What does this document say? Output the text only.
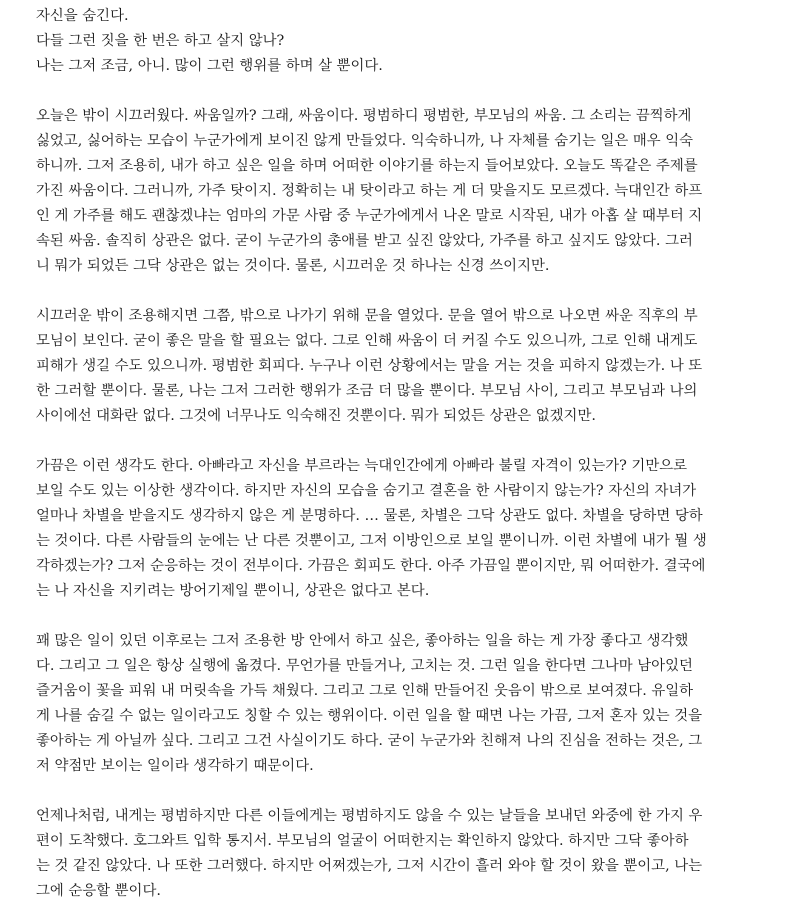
자신을 숨긴다.
다들 그런 짓을 한 번은 하고 살지 않나?
나는 그저 조금, 아니. 많이 그런 행위를 하며 살 뿐이다.

오늘은 밖이 시끄러웠다. 싸움일까? 그래, 싸움이다. 평범하디 평범한, 부모님의 싸움. 그 소리는 끔찍하게
싫었고, 싫어하는 모습이 누군가에게 보이진 않게 만들었다. 익숙하니까, 나 자체를 숨기는 일은 매우 익숙
하니까. 그저 조용히, 내가 하고 싶은 일을 하며 어떠한 이야기를 하는지 들어보았다. 오늘도 똑같은 주제를
가진 싸움이다. 그러니까, 가주 탓이지. 정확히는 내 탓이라고 하는 게 더 맞을지도 모르겠다. 늑대인간 하프
인 게 가주를 해도 괜찮겠냐는 엄마의 가문 사람 중 누군가에게서 나온 말로 시작된, 내가 아홉 살 때부터 지
속된 싸움. 솔직히 상관은 없다. 굳이 누군가의 총애를 받고 싶진 않았다, 가주를 하고 싶지도 않았다. 그러
니 뭐가 되었든 그닥 상관은 없는 것이다. 물론, 시끄러운 것 하나는 신경 쓰이지만.

시끄러운 밖이 조용해지면 그쯤, 밖으로 나가기 위해 문을 열었다. 문을 열어 밖으로 나오면 싸운 직후의 부
모님이 보인다. 굳이 좋은 말을 할 필요는 없다. 그로 인해 싸움이 더 커질 수도 있으니까, 그로 인해 내게도
피해가 생길 수도 있으니까. 평범한 회피다. 누구나 이런 상황에서는 말을 거는 것을 피하지 않겠는가. 나 또
한 그러할 뿐이다. 물론, 나는 그저 그러한 행위가 조금 더 많을 뿐이다. 부모님 사이, 그리고 부모님과 나의
사이에선 대화란 없다. 그것에 너무나도 익숙해진 것뿐이다. 뭐가 되었든 상관은 없겠지만.

가끔은 이런 생각도 한다. 아빠라고 자신을 부르라는 늑대인간에게 아빠라 불릴 자격이 있는가? 기만으로
보일 수도 있는 이상한 생각이다. 하지만 자신의 모습을 숨기고 결혼을 한 사람이지 않는가? 자신의 자녀가
얼마나 차별을 받을지도 생각하지 않은 게 분명하다. … 물론, 차별은 그닥 상관도 없다. 차별을 당하면 당하
는 것이다. 다른 사람들의 눈에는 난 다른 것뿐이고, 그저 이방인으로 보일 뿐이니까. 이런 차별에 내가 뭘 생
각하겠는가? 그저 순응하는 것이 전부이다. 가끔은 회피도 한다. 아주 가끔일 뿐이지만, 뭐 어떠한가. 결국에
는 나 자신을 지키려는 방어기제일 뿐이니, 상관은 없다고 본다.

꽤 많은 일이 있던 이후로는 그저 조용한 방 안에서 하고 싶은, 좋아하는 일을 하는 게 가장 좋다고 생각했
다. 그리고 그 일은 항상 실행에 옮겼다. 무언가를 만들거나, 고치는 것. 그런 일을 한다면 그나마 남아있던
즐거움이 꽃을 피워 내 머릿속을 가득 채웠다. 그리고 그로 인해 만들어진 웃음이 밖으로 보여졌다. 유일하
게 나를 숨길 수 없는 일이라고도 칭할 수 있는 행위이다. 이런 일을 할 때면 나는 가끔, 그저 혼자 있는 것을
좋아하는 게 아닐까 싶다. 그리고 그건 사실이기도 하다. 굳이 누군가와 친해져 나의 진심을 전하는 것은, 그
저 약점만 보이는 일이라 생각하기 때문이다.

언제나처럼, 내게는 평범하지만 다른 이들에게는 평범하지도 않을 수 있는 날들을 보내던 와중에 한 가지 우
편이 도착했다. 호그와트 입학 통지서. 부모님의 얼굴이 어떠한지는 확인하지 않았다. 하지만 그닥 좋아하
는 것 같진 않았다. 나 또한 그러했다. 하지만 어쩌겠는가, 그저 시간이 흘러 와야 할 것이 왔을 뿐이고, 나는
그에 순응할 뿐이다.
